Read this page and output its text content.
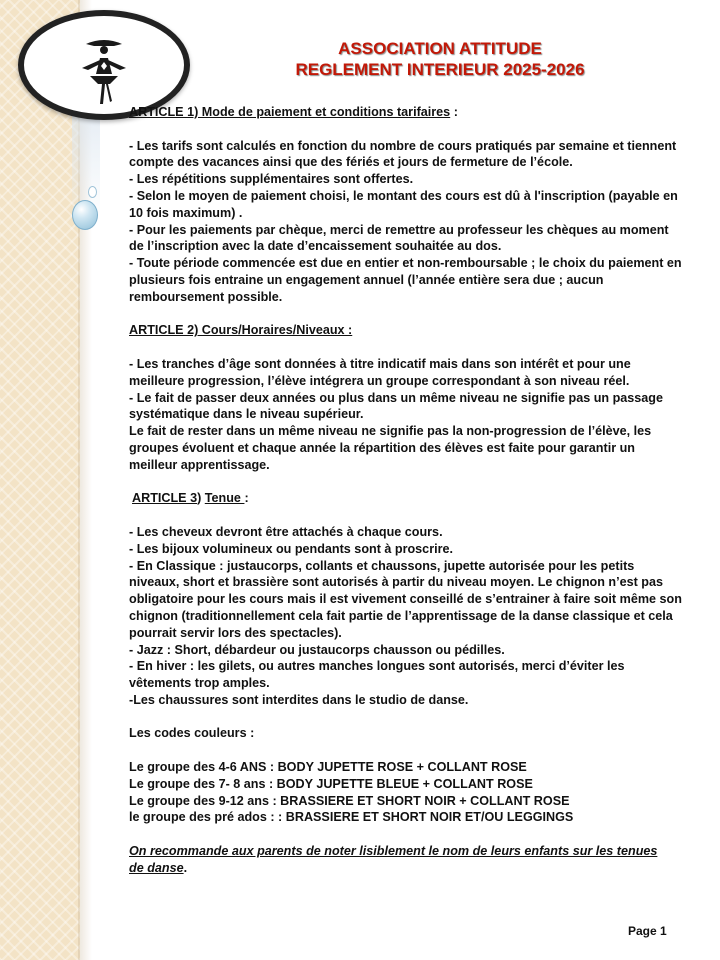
ASSOCIATION ATTITUDE
REGLEMENT INTERIEUR 2025-2026

ARTICLE 1) Mode de paiement et conditions tarifaires :

- Les tarifs sont calculés en fonction du nombre de cours pratiqués par semaine et tiennent compte des vacances ainsi que des fériés et jours de fermeture de l’école.

- Les répétitions supplémentaires sont offertes.

- Selon le moyen de paiement choisi, le montant des cours est dû à l'inscription (payable en 10 fois maximum) .

- Pour les paiements par chèque, merci de remettre au professeur les chèques au moment de l’inscription avec la date d’encaissement souhaitée au dos.

- Toute période commencée est due en entier et non-remboursable ; le choix du paiement en plusieurs fois entraine un engagement annuel (l’année entière sera due ; aucun remboursement possible.

ARTICLE 2) Cours/Horaires/Niveaux :

- Les tranches d’âge sont données à titre indicatif mais dans son intérêt et pour une meilleure progression, l’élève intégrera un groupe correspondant à son niveau réel.

- Le fait de passer deux années ou plus dans un même niveau ne signifie pas un passage systématique dans le niveau supérieur.

Le fait de rester dans un même niveau ne signifie pas la non-progression de l’élève, les groupes évoluent et chaque année la répartition des élèves est faite pour garantir un meilleur apprentissage.

ARTICLE 3) Tenue :

- Les cheveux devront être attachés à chaque cours.

- Les bijoux volumineux ou pendants sont à proscrire.

- En Classique : justaucorps, collants et chaussons, jupette autorisée pour les petits niveaux, short et brassière sont autorisés à partir du niveau moyen. Le chignon n’est pas obligatoire pour les cours mais il est vivement conseillé de s’entrainer à faire soit même son chignon (traditionnellement cela fait partie de l’apprentissage de la danse classique et cela pourrait servir lors des spectacles).

- Jazz : Short, débardeur ou justaucorps chausson ou pédilles.

- En hiver : les gilets, ou autres manches longues sont autorisés, merci d’éviter les vêtements trop amples.

-Les chaussures sont interdites dans le studio de danse.

Les codes couleurs :

Le groupe des 4-6 ANS : BODY JUPETTE ROSE + COLLANT ROSE

Le groupe des 7- 8 ans : BODY JUPETTE BLEUE + COLLANT ROSE

Le groupe des 9-12 ans : BRASSIERE ET SHORT NOIR + COLLANT ROSE

le groupe des pré ados : : BRASSIERE ET SHORT NOIR ET/OU LEGGINGS

On recommande aux parents de noter lisiblement le nom de leurs enfants sur les tenues

de danse.

Page 1
